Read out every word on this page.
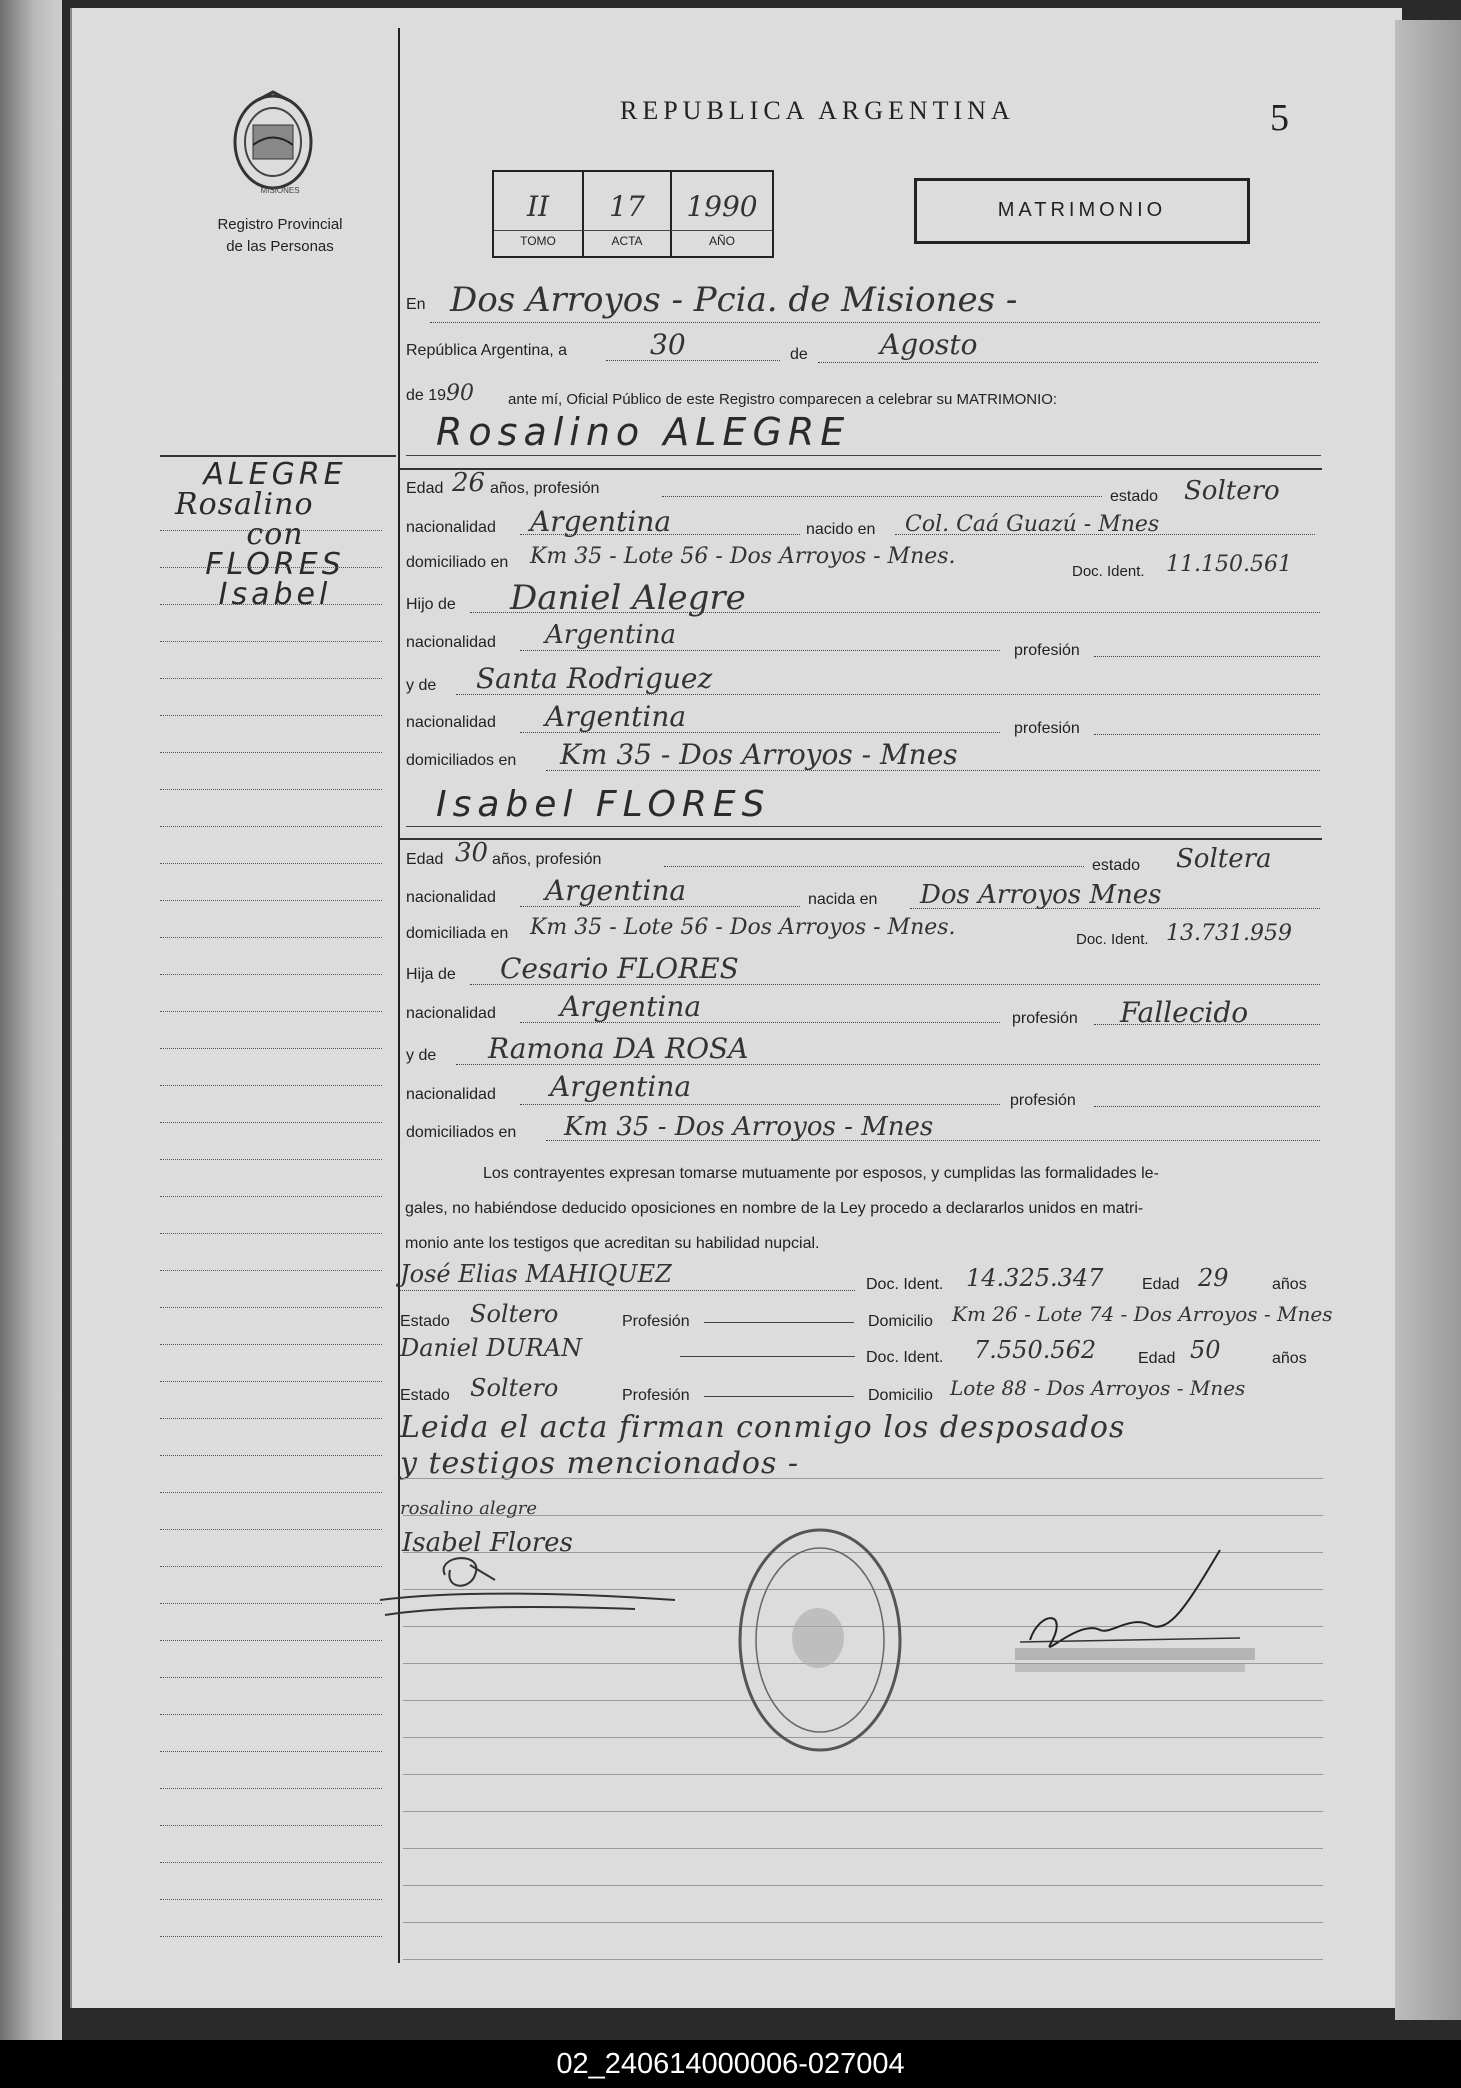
MISIONES
Registro Provincial
de las Personas
REPUBLICA ARGENTINA	5
II	17	1990
TOMO	ACTA	AÑO
MATRIMONIO
ALEGRE
Rosalino
con
FLORES
Isabel
En Dos Arroyos - Pcia. de Misiones -
República Argentina, a	30	de	Agosto
de 1990 ante mí, Oficial Público de este Registro comparecen a celebrar su MATRIMONIO:
Rosalino ALEGRE
Edad 26 años, profesión	estado Soltero
nacionalidad Argentina	nacido en Col. Caá Guazú - Mnes
domiciliado en Km 35 - Lote 56 - Dos Arroyos - Mnes.
Doc. Ident. 11.150.561
Hijo de Daniel Alegre
nacionalidad Argentina
profesión
y de Santa Rodriguez
nacionalidad Argentina	profesión
domiciliados en Km 35 - Dos Arroyos - Mnes
Isabel FLORES
Edad 30 años, profesión	estado Soltera
nacionalidad Argentina	nacida en Dos Arroyos Mnes
domiciliada en Km 35 - Lote 56 - Dos Arroyos - Mnes.	Doc. Ident. 13.731.959
Hija de Cesario FLORES
nacionalidad Argentina	profesión Fallecido
y de Ramona DA ROSA
nacionalidad Argentina	profesión
domiciliados en Km 35 - Dos Arroyos - Mnes
Los contrayentes expresan tomarse mutuamente por esposos, y cumplidas las formalidades le-
gales, no habiéndose deducido oposiciones en nombre de la Ley procedo a declararlos unidos en matri-
monio ante los testigos que acreditan su habilidad nupcial.
José Elias MAHIQUEZ	Doc. Ident. 14.325.347 Edad 29	años
Estado Soltero	Profesión	Domicilio Km 26 - Lote 74 - Dos Arroyos - Mnes
Daniel DURAN	Doc. Ident. 7.550.562	Edad 50	años
Estado Soltero	Profesión	Domicilio Lote 88 - Dos Arroyos - Mnes
Leida el acta firman conmigo los desposados
y testigos mencionados -
rosalino alegre
Isabel Flores
02_240614000006-027004
